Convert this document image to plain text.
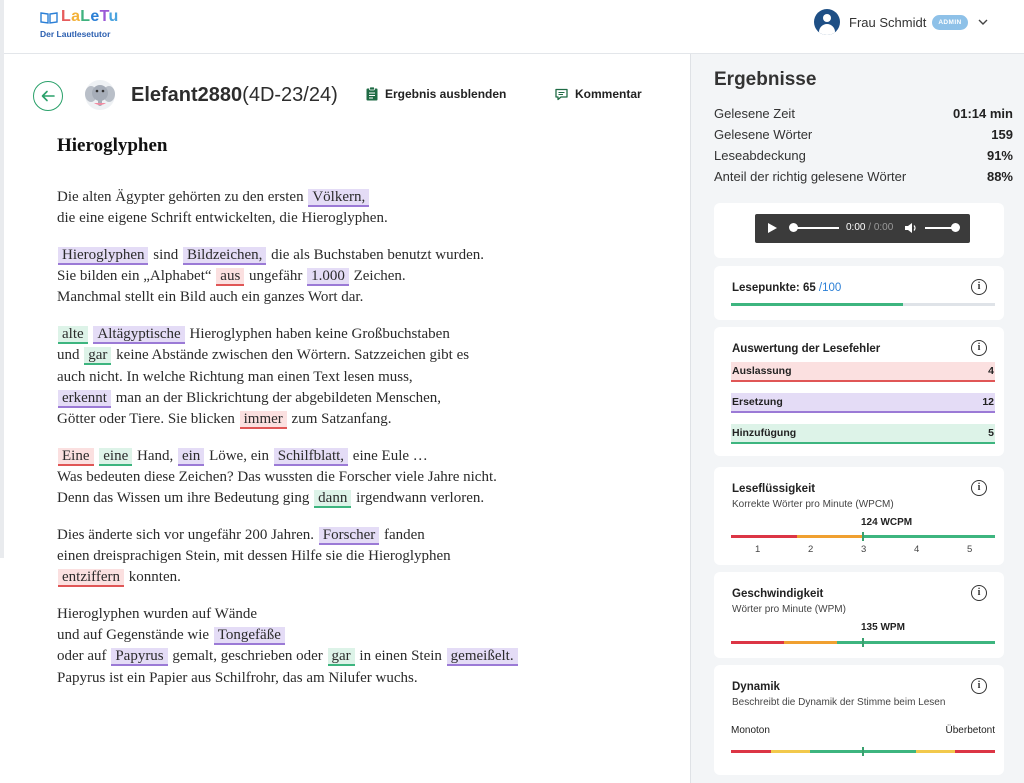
LaLeTu
Der Lautlesetutor
Frau Schmidt	ADMIN
Elefant2880(4D-23/24)	Ergebnis ausblenden	Kommentar
Hieroglyphen
Die alten Ägypter gehörten zu den ersten Völkern,
die eine eigene Schrift entwickelten, die Hieroglyphen.
Hieroglyphen sind Bildzeichen, die als Buchstaben benutzt wurden.
Sie bilden ein „Alphabet“ aus ungefähr 1.000 Zeichen.
Manchmal stellt ein Bild auch ein ganzes Wort dar.
alte Altägyptische Hieroglyphen haben keine Großbuchstaben
und gar keine Abstände zwischen den Wörtern. Satzzeichen gibt es
auch nicht. In welche Richtung man einen Text lesen muss,
erkennt man an der Blickrichtung der abgebildeten Menschen,
Götter oder Tiere. Sie blicken immer zum Satzanfang.
Eine eine Hand, ein Löwe, ein Schilfblatt, eine Eule …
Was bedeuten diese Zeichen? Das wussten die Forscher viele Jahre nicht.
Denn das Wissen um ihre Bedeutung ging dann irgendwann verloren.
Dies änderte sich vor ungefähr 200 Jahren. Forscher fanden
einen dreisprachigen Stein, mit dessen Hilfe sie die Hieroglyphen
entziffern konnten.
Hieroglyphen wurden auf Wände
und auf Gegenstände wie Tongefäße
oder auf Papyrus gemalt, geschrieben oder gar in einen Stein gemeißelt.
Papyrus ist ein Papier aus Schilfrohr, das am Nilufer wuchs.
Ergebnisse
Gelesene Zeit	01:14 min
Gelesene Wörter	159
Leseabdeckung	91%
Anteil der richtig gelesene Wörter	88%
0:00 / 0:00
Lesepunkte: 65 /100	i
Auswertung der Lesefehler	i
Auslassung	4
Ersetzung	12
Hinzufügung	5
Leseflüssigkeit
Korrekte Wörter pro Minute (WPCM)
i
124 WCPM
1	2	3	4	5
Geschwindigkeit
Wörter pro Minute (WPM)
i
135 WPM
Dynamik
Beschreibt die Dynamik der Stimme beim Lesen
i
Monoton	Überbetont
